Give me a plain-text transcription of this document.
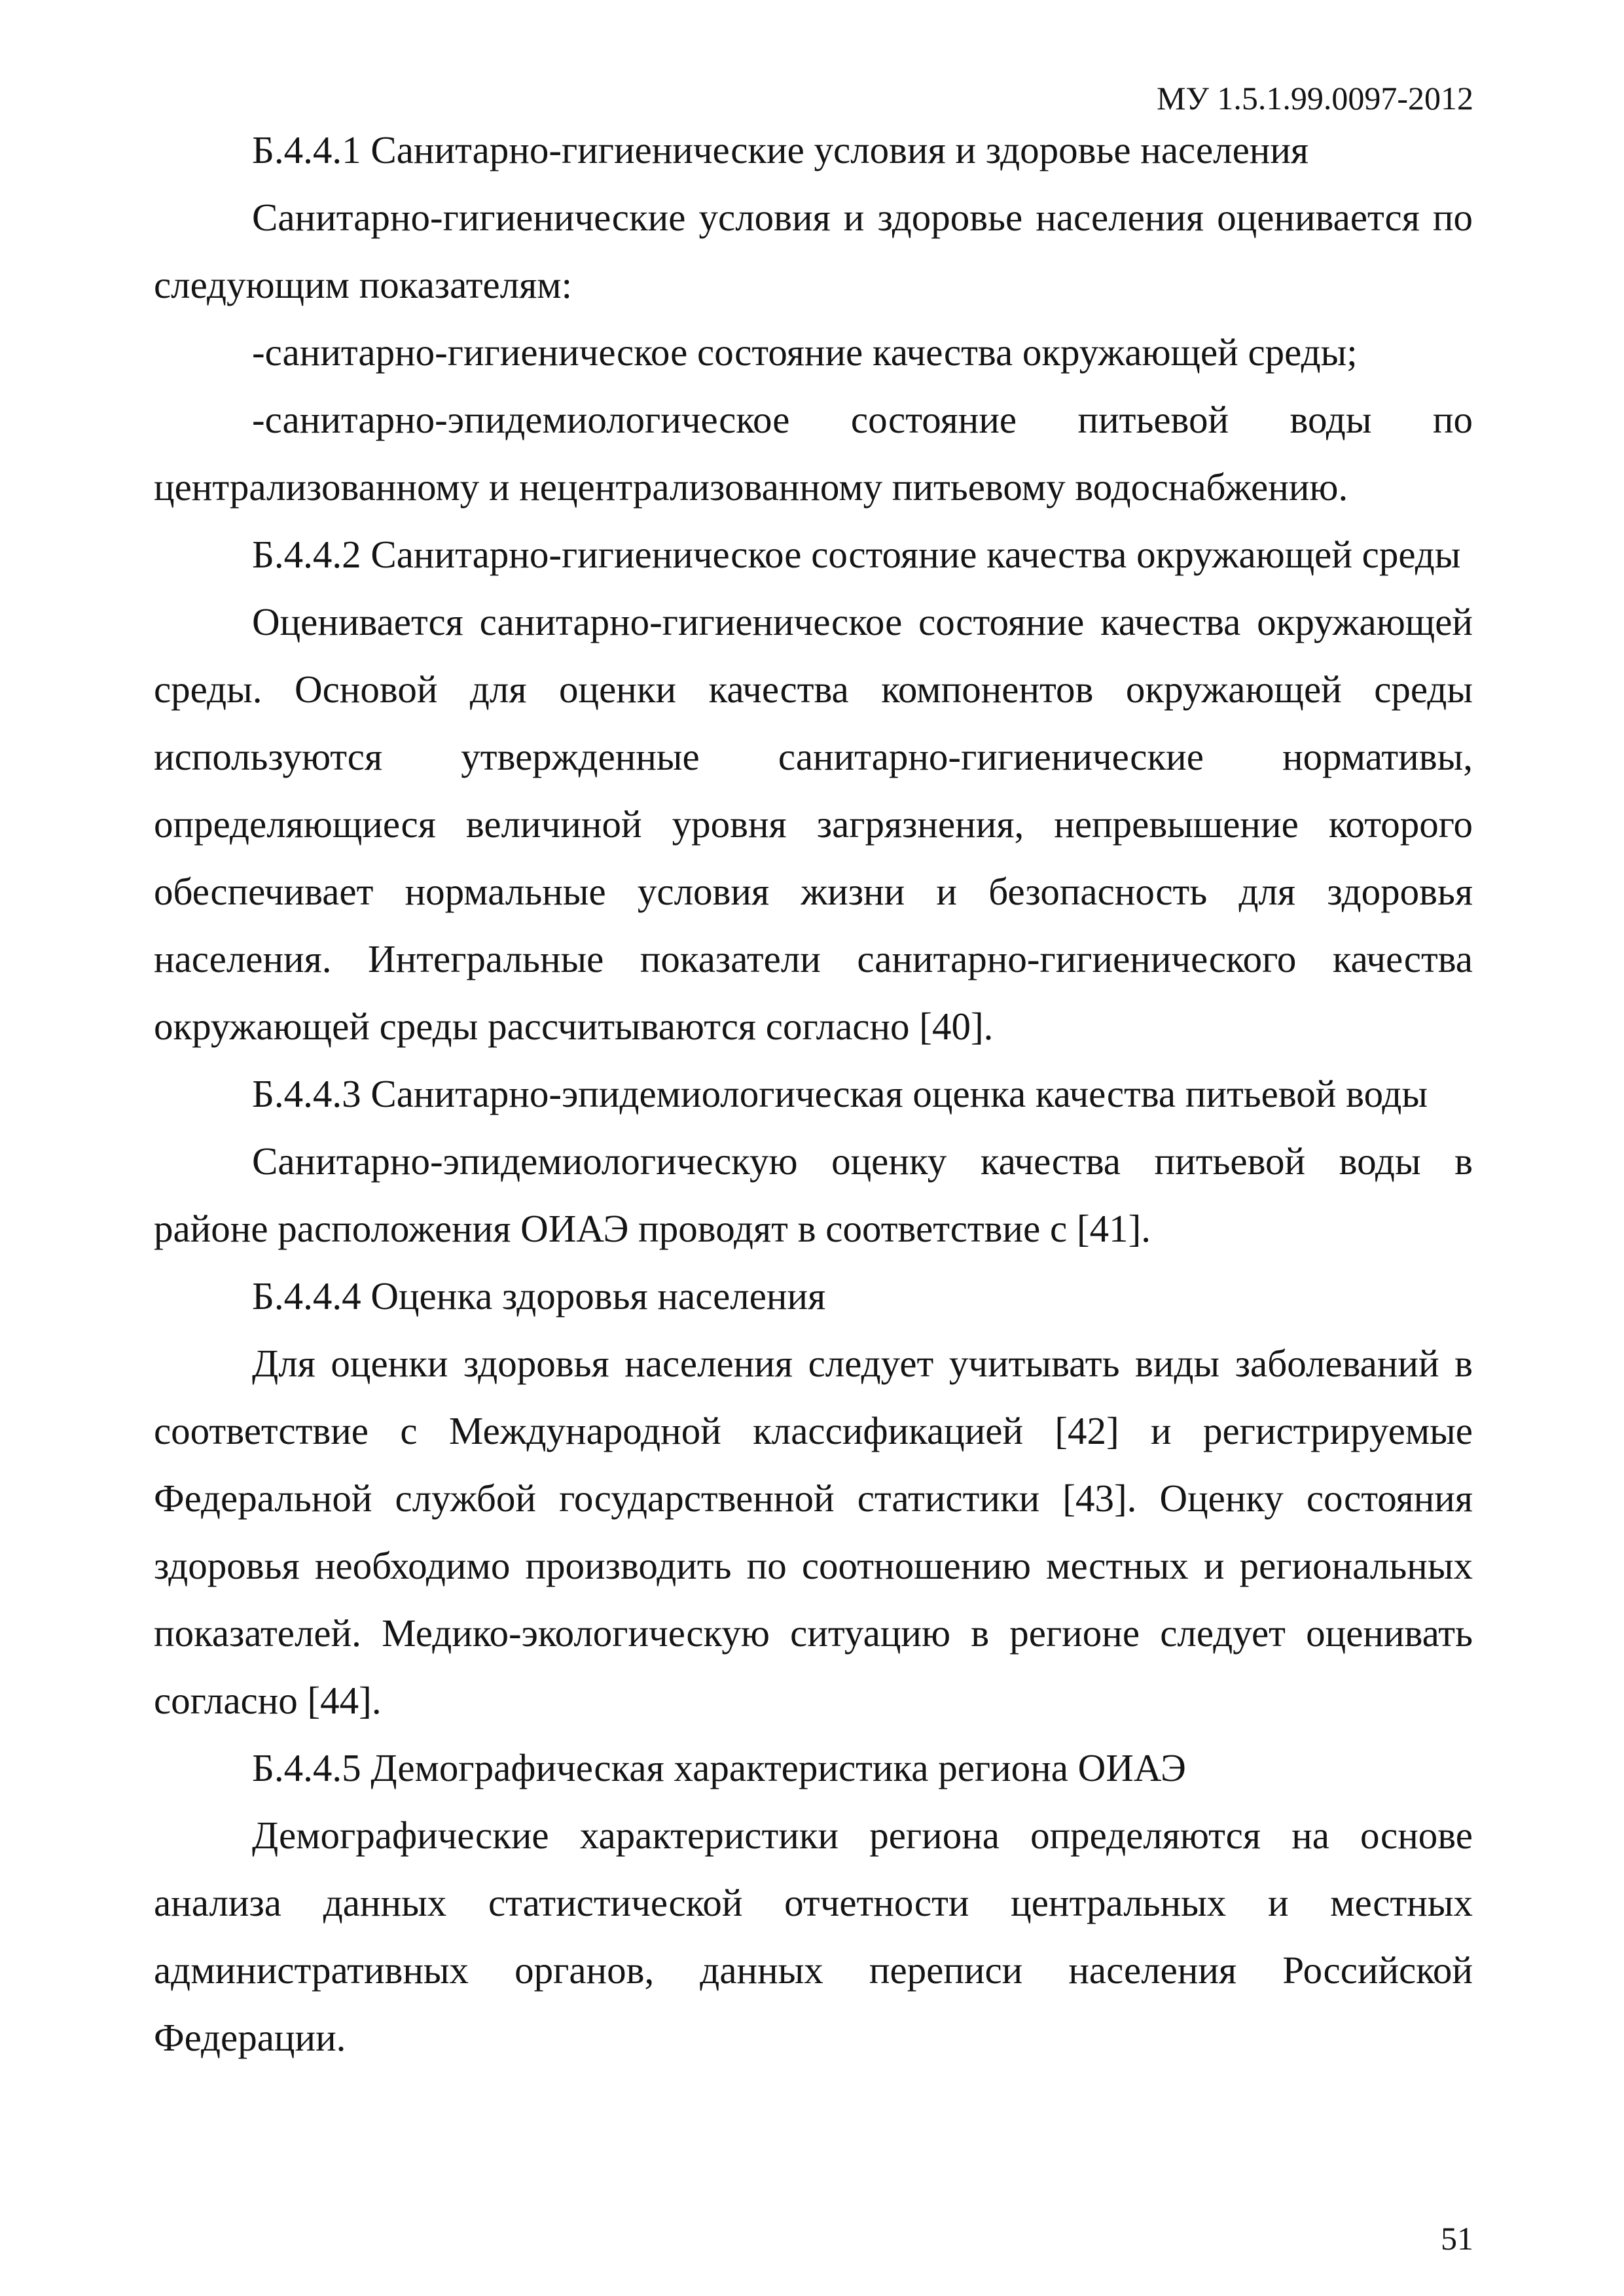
МУ 1.5.1.99.0097-2012

Б.4.4.1 Санитарно-гигиенические условия и здоровье населения

Санитарно-гигиенические условия и здоровье населения оценивается по следующим показателям:

-санитарно-гигиеническое состояние качества окружающей среды;

-санитарно-эпидемиологическое состояние питьевой воды по централизованному и нецентрализованному питьевому водоснабжению.

Б.4.4.2 Санитарно-гигиеническое состояние качества окружающей среды

Оценивается санитарно-гигиеническое состояние качества окружающей среды. Основой для оценки качества компонентов окружающей среды используются утвержденные санитарно-гигиенические нормативы, определяющиеся величиной уровня загрязнения, непревышение которого обеспечивает нормальные условия жизни и безопасность для здоровья населения. Интегральные показатели санитарно-гигиенического качества окружающей среды рассчитываются согласно [40].

Б.4.4.3 Санитарно-эпидемиологическая оценка качества питьевой воды

Санитарно-эпидемиологическую оценку качества питьевой воды в районе расположения ОИАЭ проводят в соответствие с [41].

Б.4.4.4 Оценка здоровья населения

Для оценки здоровья населения следует учитывать виды заболеваний в соответствие с Международной классификацией [42] и регистрируемые Федеральной службой государственной статистики [43]. Оценку состояния здоровья необходимо производить по соотношению местных и региональных показателей. Медико-экологическую ситуацию в регионе следует оценивать согласно [44].

Б.4.4.5 Демографическая характеристика региона ОИАЭ

Демографические характеристики региона определяются на основе анализа данных статистической отчетности центральных и местных административных органов, данных переписи населения Российской Федерации.

51
